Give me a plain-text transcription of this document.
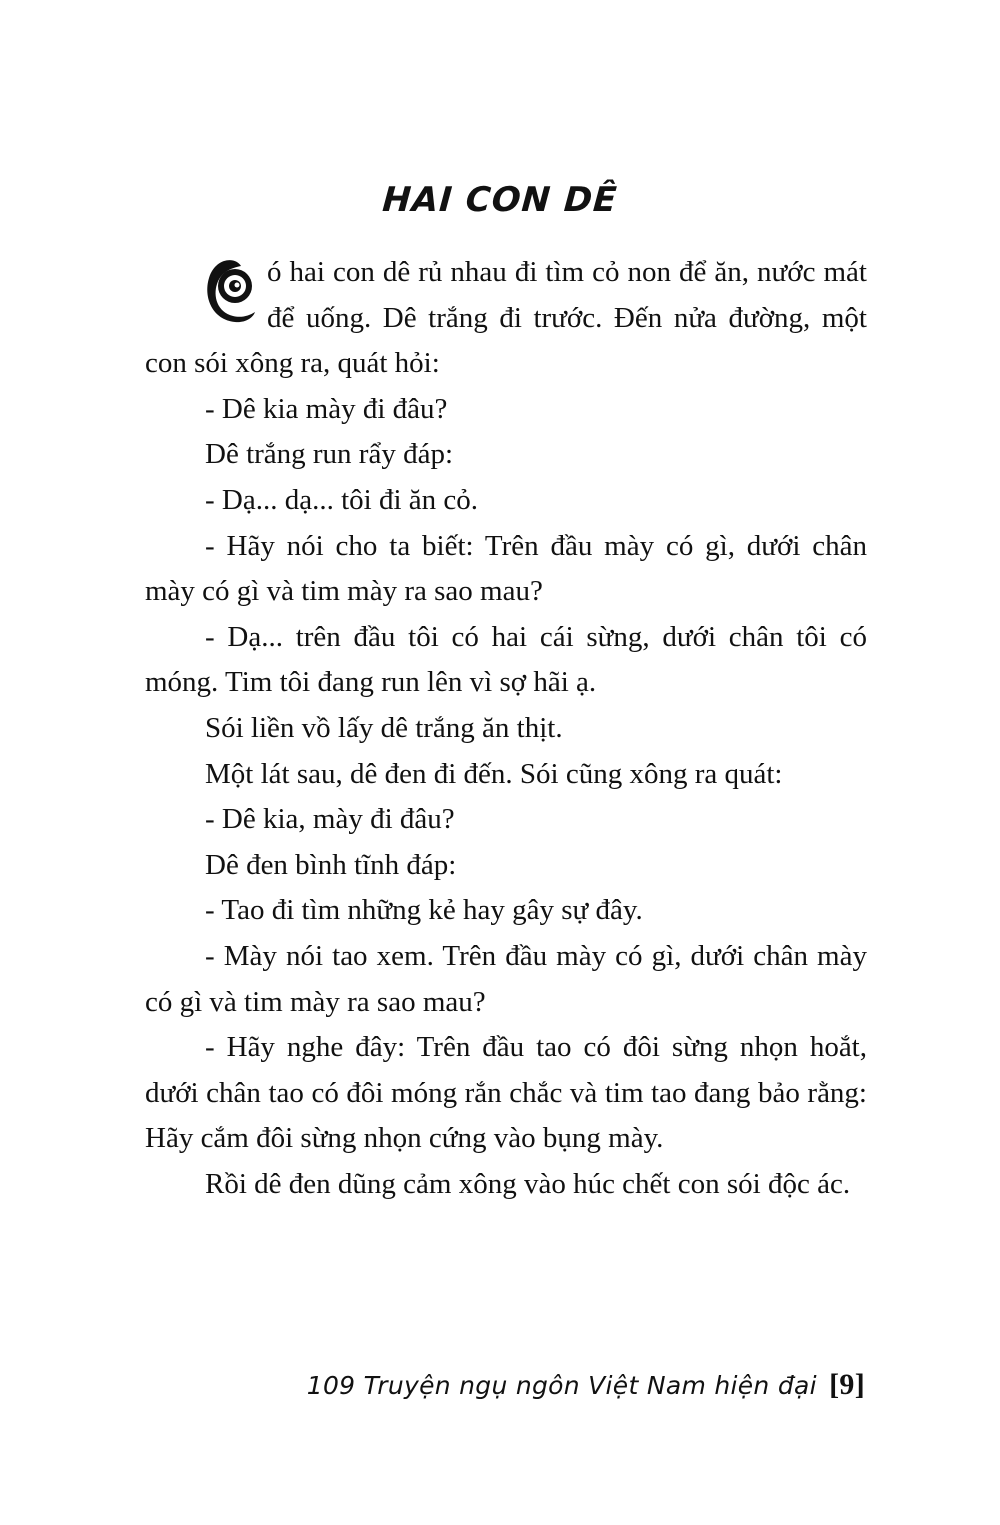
HAI CON DÊ

ó hai con dê rủ nhau đi tìm cỏ non để ăn, nước mát để uống. Dê trắng đi trước. Đến nửa đường, một con sói xông ra, quát hỏi:

- Dê kia mày đi đâu?

Dê trắng run rẩy đáp:

- Dạ... dạ... tôi đi ăn cỏ.

- Hãy nói cho ta biết: Trên đầu mày có gì, dưới chân mày có gì và tim mày ra sao mau?

- Dạ... trên đầu tôi có hai cái sừng, dưới chân tôi có móng. Tim tôi đang run lên vì sợ hãi ạ.

Sói liền vồ lấy dê trắng ăn thịt.

Một lát sau, dê đen đi đến. Sói cũng xông ra quát:

- Dê kia, mày đi đâu?

Dê đen bình tĩnh đáp:

- Tao đi tìm những kẻ hay gây sự đây.

- Mày nói tao xem. Trên đầu mày có gì, dưới chân mày có gì và tim mày ra sao mau?

- Hãy nghe đây: Trên đầu tao có đôi sừng nhọn hoắt, dưới chân tao có đôi móng rắn chắc và tim tao đang bảo rằng: Hãy cắm đôi sừng nhọn cứng vào bụng mày.

Rồi dê đen dũng cảm xông vào húc chết con sói độc ác.

109 Truyện ngụ ngôn Việt Nam hiện đại [9]
